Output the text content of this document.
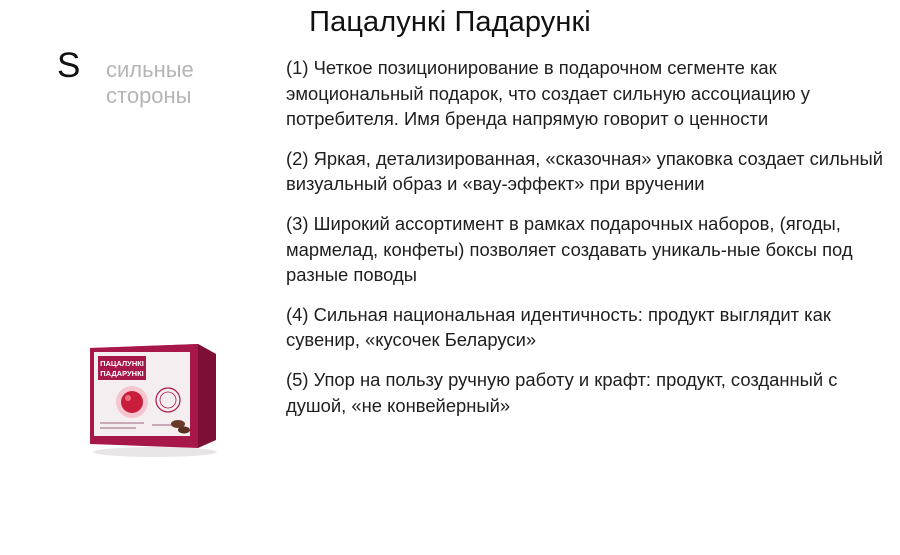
Пацалункі Падарункі
S сильные стороны

(1) Четкое позиционирование в подарочном сегменте как эмоциональный подарок, что создает сильную ассоциацию у потребителя. Имя бренда напрямую говорит о ценности

(2) Яркая, детализированная, «сказочная» упаковка создает сильный визуальный образ и «вау-эффект» при вручении

(3) Широкий ассортимент в рамках подарочных наборов, (ягоды, мармелад, конфеты) позволяет создавать уникаль-ные боксы под разные поводы

(4) Сильная национальная идентичность: продукт выглядит как сувенир, «кусочек Беларуси»

(5) Упор на пользу ручную работу и крафт: продукт, созданный с душой, «не конвейерный»

ПАЦАЛУНКІ
ПАДАРУНКІ
